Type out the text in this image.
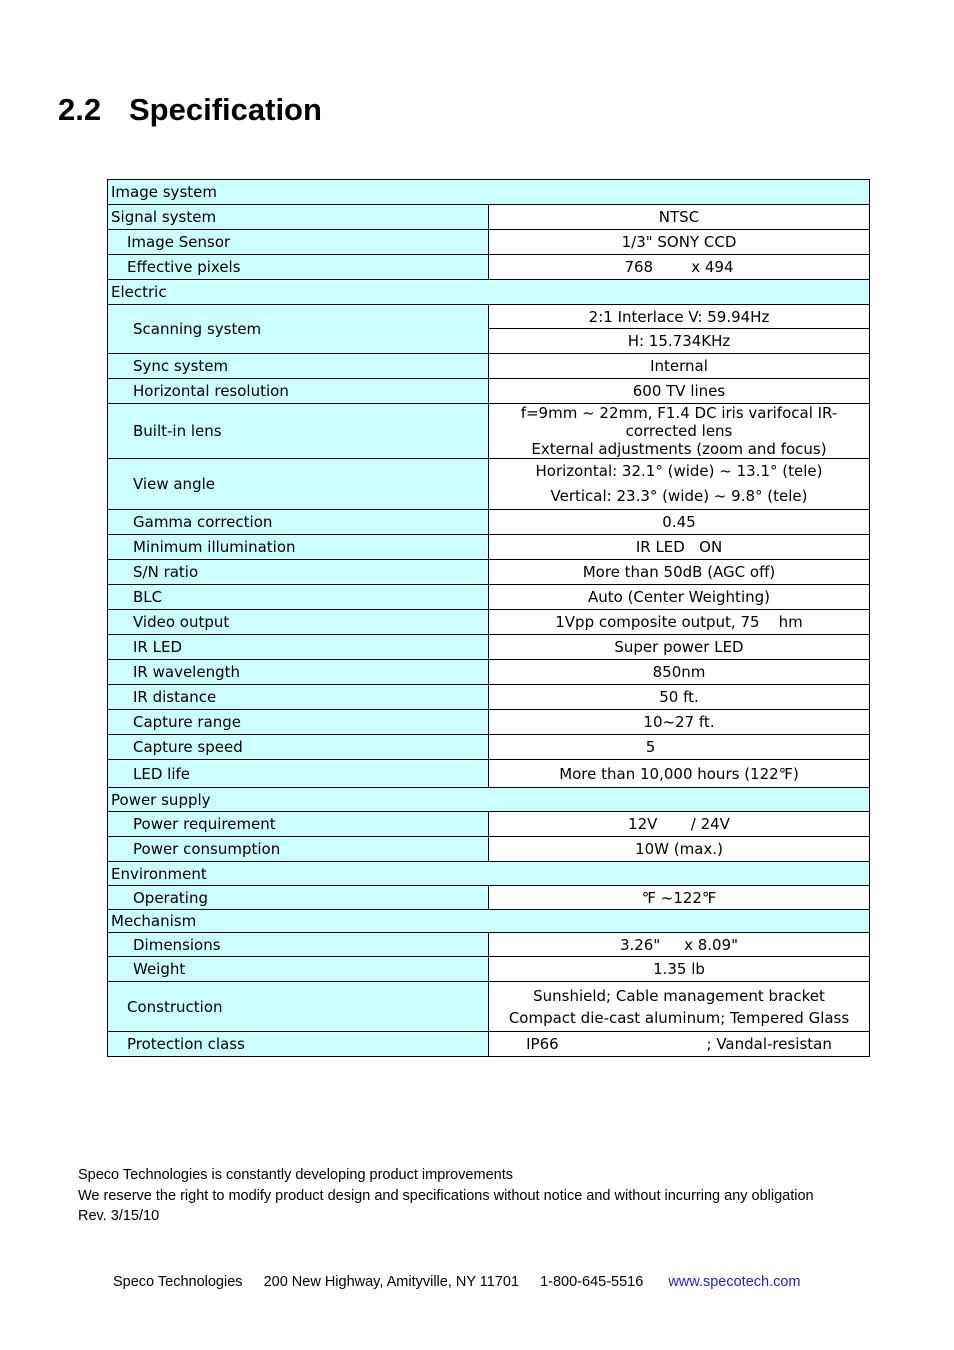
2.2 Specification
Image system	
Signal system	NTSC
Image Sensor	1/3" SONY CCD
Effective pixels	768        x 494
Electric	
Scanning system	2:1 Interlace V: 59.94Hz
	H: 15.734KHz
Sync system	Internal
Horizontal resolution	600 TV lines
Built-in lens	f=9mm ~ 22mm, F1.4 DC iris varifocal IR-corrected lens
External adjustments (zoom and focus)

View angle	Horizontal: 32.1° (wide) ~ 13.1° (tele)
Vertical: 23.3° (wide) ~ 9.8° (tele)

Gamma correction	0.45
Minimum illumination	IR LED   ON
S/N ratio	More than 50dB (AGC off)
BLC	Auto (Center Weighting)
Video output	1Vpp composite output, 75    hm
IR LED	Super power LED
IR wavelength	850nm
IR distance	50 ft.
Capture range	10~27 ft.
Capture speed	5
LED life	More than 10,000 hours (122℉)
Power supply	
Power requirement	12V       / 24V
Power consumption	10W (max.)
Environment	
Operating	℉ ~122℉
Mechanism	
Dimensions	3.26"     x 8.09"
Weight	1.35 lb
Construction	Sunshield; Cable management bracket
Compact die-cast aluminum; Tempered Glass

Protection class	IP66                               ; Vandal-resistan
Speco Technologies is constantly developing product improvements
We reserve the right to modify product design and specifications without notice and without incurring any obligation
Rev. 3/15/10
Speco Technologies 200 New Highway, Amityville, NY 11701 1-800-645-5516 www.specotech.com
